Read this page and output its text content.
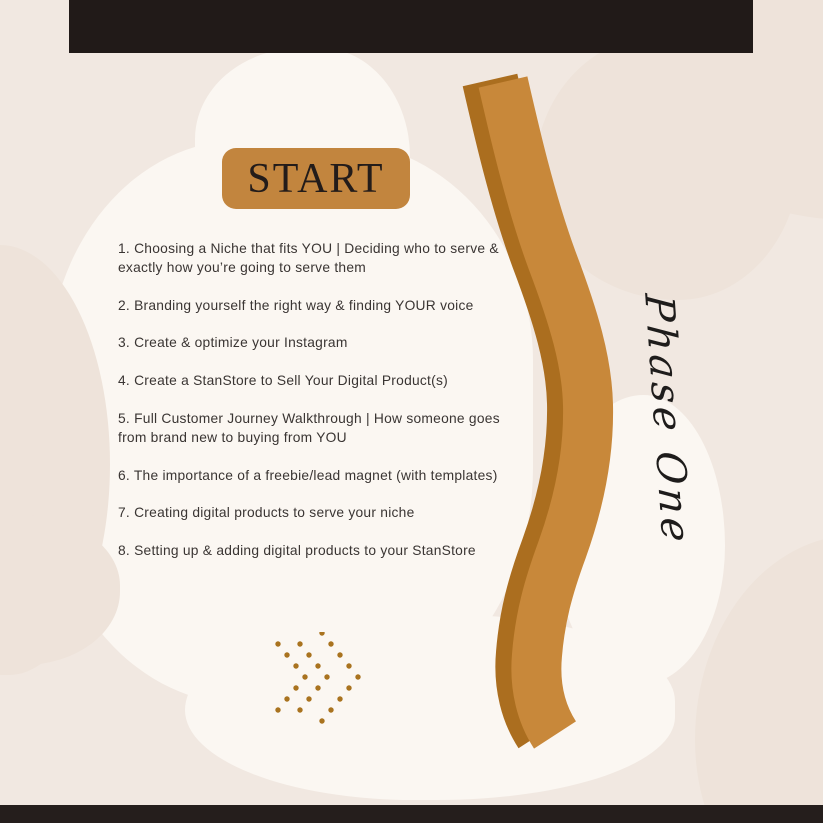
START

1. Choosing a Niche that fits YOU | Deciding who to serve & exactly how you’re going to serve them

2. Branding yourself the right way & finding YOUR voice

3. Create & optimize your Instagram

4. Create a StanStore to Sell Your Digital Product(s)

5. Full Customer Journey Walkthrough | How someone goes from brand new to buying from YOU

6. The importance of a freebie/lead magnet (with templates)

7. Creating digital products to serve your niche

8. Setting up & adding digital products to your StanStore

Phase One
